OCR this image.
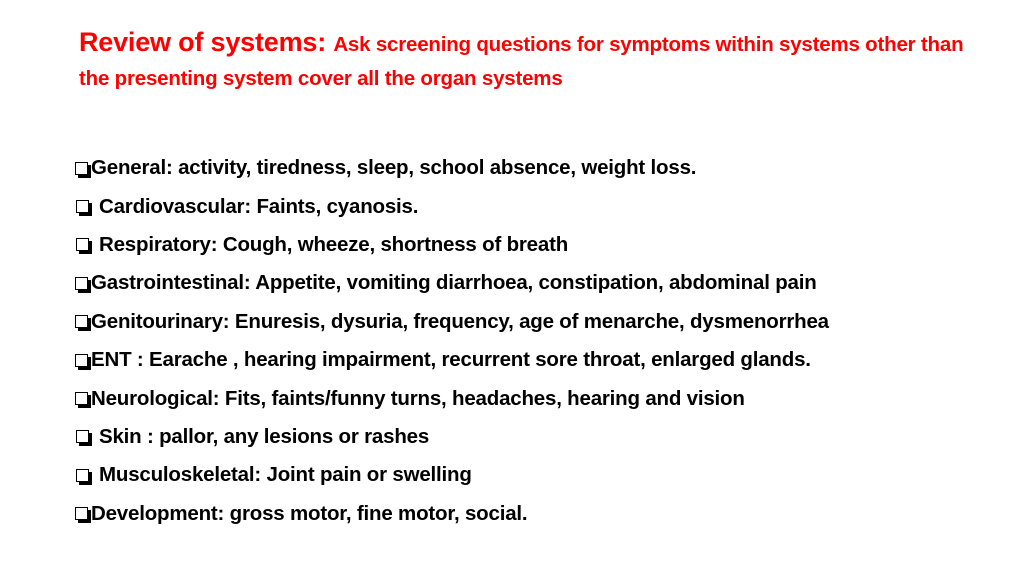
Review of systems: Ask screening questions for symptoms within systems other than the presenting system cover all the organ systems
General: activity, tiredness, sleep, school absence, weight loss.
Cardiovascular: Faints, cyanosis.
Respiratory: Cough, wheeze, shortness of breath
Gastrointestinal: Appetite, vomiting diarrhoea, constipation, abdominal pain
Genitourinary: Enuresis, dysuria, frequency, age of menarche, dysmenorrhea
ENT : Earache , hearing impairment, recurrent sore throat, enlarged glands.
Neurological: Fits, faints/funny turns, headaches, hearing and vision
Skin : pallor, any lesions or rashes
Musculoskeletal: Joint pain or swelling
Development: gross motor, fine motor, social.
